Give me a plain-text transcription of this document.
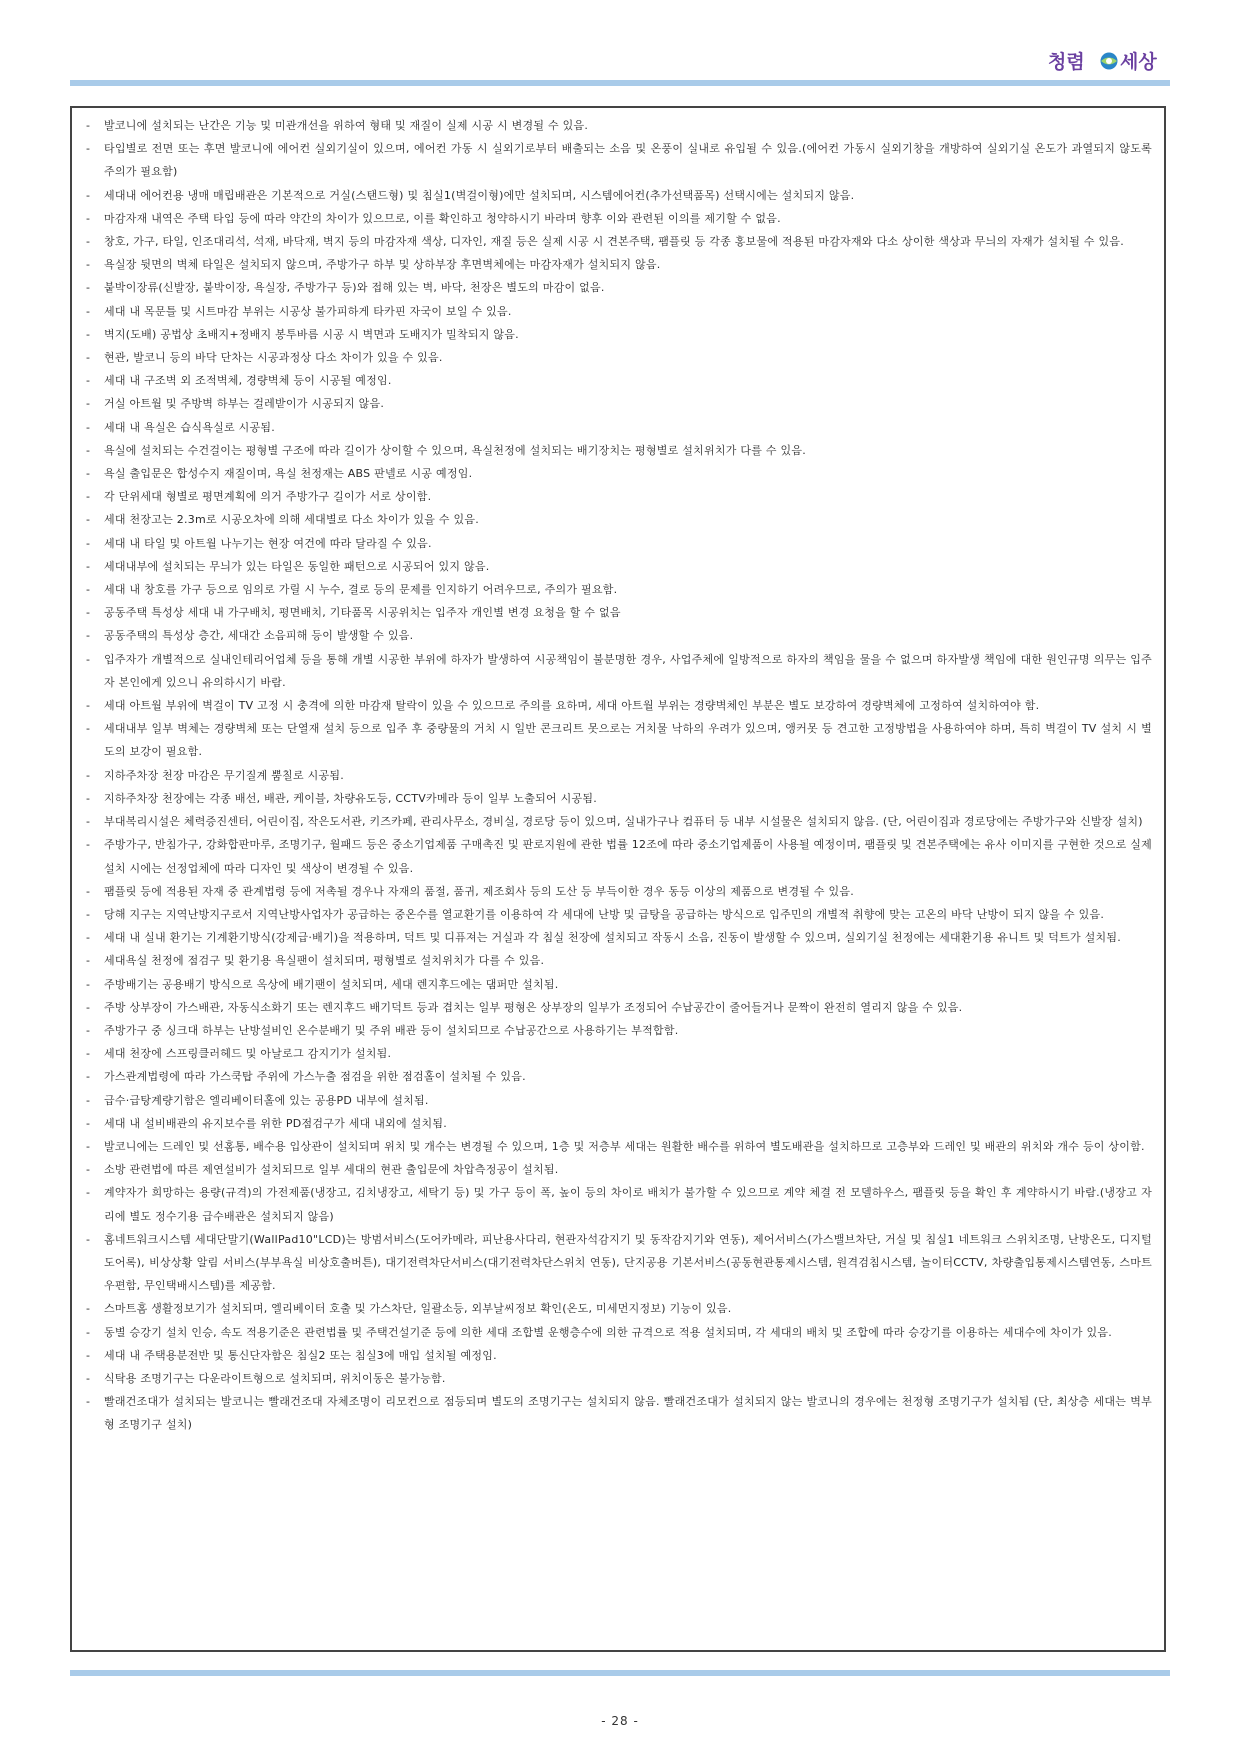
청렴 세상
- 발코니에 설치되는 난간은 기능 및 미관개선을 위하여 형태 및 재질이 실제 시공 시 변경될 수 있음.
- 타입별로 전면 또는 후면 발코니에 에어컨 실외기실이 있으며, 에어컨 가동 시 실외기로부터 배출되는 소음 및 온풍이 실내로 유입될 수 있음.(에어컨 가동시 실외기창을 개방하여 실외기실 온도가 과열되지 않도록 주의가 필요함)
- 세대내 에어컨용 냉매 매립배관은 기본적으로 거실(스탠드형) 및 침실1(벽걸이형)에만 설치되며, 시스템에어컨(추가선택품목) 선택시에는 설치되지 않음.
- 마감자재 내역은 주택 타입 등에 따라 약간의 차이가 있으므로, 이를 확인하고 청약하시기 바라며 향후 이와 관련된 이의를 제기할 수 없음.
- 창호, 가구, 타일, 인조대리석, 석재, 바닥재, 벽지 등의 마감자재 색상, 디자인, 재질 등은 실제 시공 시 견본주택, 팸플릿 등 각종 홍보물에 적용된 마감자재와 다소 상이한 색상과 무늬의 자재가 설치될 수 있음.
- 욕실장 뒷면의 벽체 타일은 설치되지 않으며, 주방가구 하부 및 상하부장 후면벽체에는 마감자재가 설치되지 않음.
- 붙박이장류(신발장, 붙박이장, 욕실장, 주방가구 등)와 접해 있는 벽, 바닥, 천장은 별도의 마감이 없음.
- 세대 내 목문틀 및 시트마감 부위는 시공상 불가피하게 타카핀 자국이 보일 수 있음.
- 벽지(도배) 공법상 초배지+정배지 봉투바름 시공 시 벽면과 도배지가 밀착되지 않음.
- 현관, 발코니 등의 바닥 단차는 시공과정상 다소 차이가 있을 수 있음.
- 세대 내 구조벽 외 조적벽체, 경량벽체 등이 시공될 예정임.
- 거실 아트월 및 주방벽 하부는 걸레받이가 시공되지 않음.
- 세대 내 욕실은 습식욕실로 시공됨.
- 욕실에 설치되는 수건걸이는 평형별 구조에 따라 길이가 상이할 수 있으며, 욕실천정에 설치되는 배기장치는 평형별로 설치위치가 다를 수 있음.
- 욕실 출입문은 합성수지 재질이며, 욕실 천정재는 ABS 판넬로 시공 예정임.
- 각 단위세대 형별로 평면계획에 의거 주방가구 길이가 서로 상이함.
- 세대 천장고는 2.3m로 시공오차에 의해 세대별로 다소 차이가 있을 수 있음.
- 세대 내 타일 및 아트월 나누기는 현장 여건에 따라 달라질 수 있음.
- 세대내부에 설치되는 무늬가 있는 타일은 동일한 패턴으로 시공되어 있지 않음.
- 세대 내 창호를 가구 등으로 임의로 가릴 시 누수, 결로 등의 문제를 인지하기 어려우므로, 주의가 필요함.
- 공동주택 특성상 세대 내 가구배치, 평면배치, 기타품목 시공위치는 입주자 개인별 변경 요청을 할 수 없음
- 공동주택의 특성상 층간, 세대간 소음피해 등이 발생할 수 있음.
- 입주자가 개별적으로 실내인테리어업체 등을 통해 개별 시공한 부위에 하자가 발생하여 시공책임이 불분명한 경우, 사업주체에 일방적으로 하자의 책임을 물을 수 없으며 하자발생 책임에 대한 원인규명 의무는 입주자 본인에게 있으니 유의하시기 바람.
- 세대 아트월 부위에 벽걸이 TV 고정 시 충격에 의한 마감재 탈락이 있을 수 있으므로 주의를 요하며, 세대 아트월 부위는 경량벽체인 부분은 별도 보강하여 경량벽체에 고정하여 설치하여야 함.
- 세대내부 일부 벽체는 경량벽체 또는 단열재 설치 등으로 입주 후 중량물의 거치 시 일반 콘크리트 못으로는 거치물 낙하의 우려가 있으며, 앵커못 등 견고한 고정방법을 사용하여야 하며, 특히 벽걸이 TV 설치 시 별도의 보강이 필요함.
- 지하주차장 천장 마감은 무기질계 뿜칠로 시공됨.
- 지하주차장 천장에는 각종 배선, 배관, 케이블, 차량유도등, CCTV카메라 등이 일부 노출되어 시공됨.
- 부대복리시설은 체력증진센터, 어린이집, 작은도서관, 키즈카페, 관리사무소, 경비실, 경로당 등이 있으며, 실내가구나 컴퓨터 등 내부 시설물은 설치되지 않음. (단, 어린이집과 경로당에는 주방가구와 신발장 설치)
- 주방가구, 반침가구, 강화합판마루, 조명기구, 월패드 등은 중소기업제품 구매촉진 및 판로지원에 관한 법률 12조에 따라 중소기업제품이 사용될 예정이며, 팸플릿 및 견본주택에는 유사 이미지를 구현한 것으로 실제 설치 시에는 선정업체에 따라 디자인 및 색상이 변경될 수 있음.
- 팸플릿 등에 적용된 자재 중 관계법령 등에 저촉될 경우나 자재의 품절, 품귀, 제조회사 등의 도산 등 부득이한 경우 동등 이상의 제품으로 변경될 수 있음.
- 당해 지구는 지역난방지구로서 지역난방사업자가 공급하는 중온수를 열교환기를 이용하여 각 세대에 난방 및 급탕을 공급하는 방식으로 입주민의 개별적 취향에 맞는 고온의 바닥 난방이 되지 않을 수 있음.
- 세대 내 실내 환기는 기계환기방식(강제급·배기)을 적용하며, 덕트 및 디퓨져는 거실과 각 침실 천장에 설치되고 작동시 소음, 진동이 발생할 수 있으며, 실외기실 천정에는 세대환기용 유니트 및 덕트가 설치됨.
- 세대욕실 천정에 점검구 및 환기용 욕실팬이 설치되며, 평형별로 설치위치가 다를 수 있음.
- 주방배기는 공용배기 방식으로 옥상에 배기팬이 설치되며, 세대 렌지후드에는 댐퍼만 설치됨.
- 주방 상부장이 가스배관, 자동식소화기 또는 렌지후드 배기덕트 등과 겹치는 일부 평형은 상부장의 일부가 조정되어 수납공간이 줄어들거나 문짝이 완전히 열리지 않을 수 있음.
- 주방가구 중 싱크대 하부는 난방설비인 온수분배기 및 주위 배관 등이 설치되므로 수납공간으로 사용하기는 부적합함.
- 세대 천장에 스프링클러헤드 및 아날로그 감지기가 설치됨.
- 가스관계법령에 따라 가스쿡탑 주위에 가스누출 점검을 위한 점검홀이 설치될 수 있음.
- 급수·급탕계량기함은 엘리베이터홀에 있는 공용PD 내부에 설치됨.
- 세대 내 설비배관의 유지보수를 위한 PD점검구가 세대 내외에 설치됨.
- 발코니에는 드레인 및 선홈통, 배수용 입상관이 설치되며 위치 및 개수는 변경될 수 있으며, 1층 및 저층부 세대는 원활한 배수를 위하여 별도배관을 설치하므로 고층부와 드레인 및 배관의 위치와 개수 등이 상이함.
- 소방 관련법에 따른 제연설비가 설치되므로 일부 세대의 현관 출입문에 차압측정공이 설치됨.
- 계약자가 희망하는 용량(규격)의 가전제품(냉장고, 김치냉장고, 세탁기 등) 및 가구 등이 폭, 높이 등의 차이로 배치가 불가할 수 있으므로 계약 체결 전 모델하우스, 팸플릿 등을 확인 후 계약하시기 바람.(냉장고 자리에 별도 정수기용 급수배관은 설치되지 않음)
- 홈네트워크시스템 세대단말기(WallPad10"LCD)는 방범서비스(도어카메라, 피난용사다리, 현관자석감지기 및 동작감지기와 연동), 제어서비스(가스밸브차단, 거실 및 침실1 네트워크 스위치조명, 난방온도, 디지털도어록), 비상상황 알림 서비스(부부욕실 비상호출버튼), 대기전력차단서비스(대기전력차단스위치 연동), 단지공용 기본서비스(공동현관통제시스템, 원격검침시스템, 놀이터CCTV, 차량출입통제시스템연동, 스마트우편함, 무인택배시스템)를 제공함.
- 스마트홈 생활정보기가 설치되며, 엘리베이터 호출 및 가스차단, 일괄소등, 외부날씨정보 확인(온도, 미세먼지정보) 기능이 있음.
- 동별 승강기 설치 인승, 속도 적용기준은 관련법률 및 주택건설기준 등에 의한 세대 조합별 운행층수에 의한 규격으로 적용 설치되며, 각 세대의 배치 및 조합에 따라 승강기를 이용하는 세대수에 차이가 있음.
- 세대 내 주택용분전반 및 통신단자함은 침실2 또는 침실3에 매입 설치될 예정임.
- 식탁용 조명기구는 다운라이트형으로 설치되며, 위치이동은 불가능함.
- 빨래건조대가 설치되는 발코니는 빨래건조대 자체조명이 리모컨으로 점등되며 별도의 조명기구는 설치되지 않음. 빨래건조대가 설치되지 않는 발코니의 경우에는 천정형 조명기구가 설치됨 (단, 최상층 세대는 벽부형 조명기구 설치)
- 28 -
